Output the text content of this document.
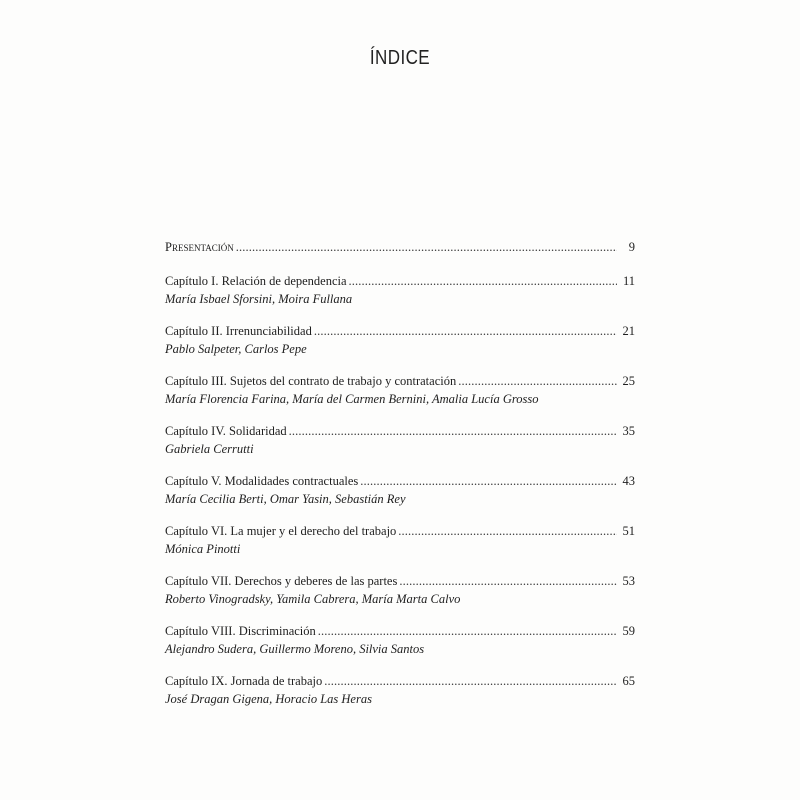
ÍNDICE
Presentación . . .	9
Capítulo I. Relación de dependencia . . .	11
María Isbael Sforsini, Moira Fullana
Capítulo II. Irrenunciabilidad . . .	21
Pablo Salpeter, Carlos Pepe
Capítulo III. Sujetos del contrato de trabajo y contratación . . .	25
María Florencia Farina, María del Carmen Bernini, Amalia Lucía Grosso
Capítulo IV. Solidaridad . . .	35
Gabriela Cerrutti
Capítulo V. Modalidades contractuales . . .	43
María Cecilia Berti, Omar Yasin, Sebastián Rey
Capítulo VI. La mujer y el derecho del trabajo . . .	51
Mónica Pinotti
Capítulo VII. Derechos y deberes de las partes . . .	53
Roberto Vinogradsky, Yamila Cabrera, María Marta Calvo
Capítulo VIII. Discriminación . . .	59
Alejandro Sudera, Guillermo Moreno, Silvia Santos
Capítulo IX. Jornada de trabajo . . .	65
José Dragan Gigena, Horacio Las Heras
